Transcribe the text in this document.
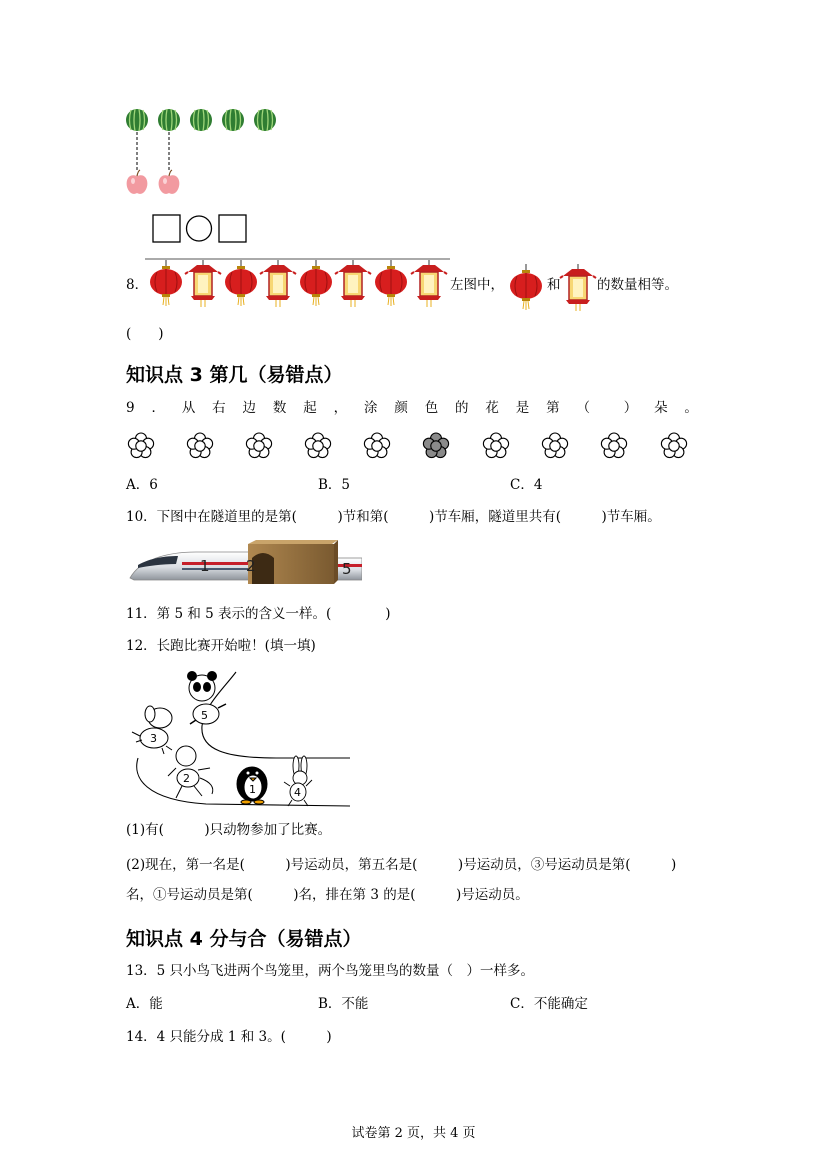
8．	左图中，	和	的数量相等。
(　　)
知识点 3 第几（易错点）
9 ． 从 右 边 数 起 ， 涂 颜 色 的 花 是 第 （ ） 朵 。
A．6	B．5	C．4
10．下图中在隧道里的是第(　　　)节和第(　　　)节车厢，隧道里共有(　　　)节车厢。
1 2	5
11．第 5 和 5 表示的含义一样。(　　　　)
12．长跑比赛开始啦！(填一填)
5
3
2
1	4
(1)有(　　　)只动物参加了比赛。
(2)现在，第一名是(　　　)号运动员，第五名是(　　　)号运动员，③号运动员是第(　　　)
名，①号运动员是第(　　　)名，排在第 3 的是(　　　)号运动员。
知识点 4 分与合（易错点）
13．5 只小鸟飞进两个鸟笼里，两个鸟笼里鸟的数量（　）一样多。
A．能	B．不能	C．不能确定
14．4 只能分成 1 和 3。(　　　)
试卷第 2 页，共 4 页
